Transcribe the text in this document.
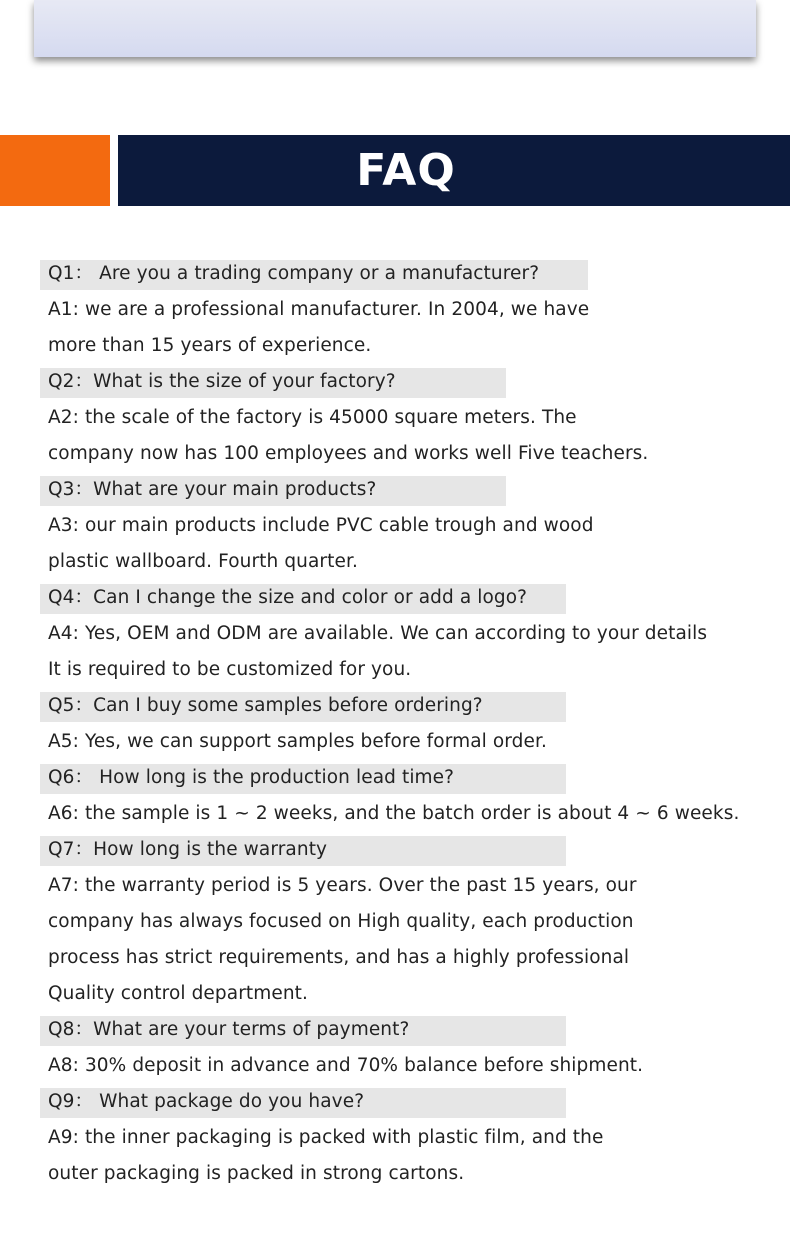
FAQ
Q1： Are you a trading company or a manufacturer?
A1: we are a professional manufacturer. In 2004, we have
more than 15 years of experience.
Q2：What is the size of your factory?
A2: the scale of the factory is 45000 square meters. The
company now has 100 employees and works well Five teachers.
Q3：What are your main products?
A3: our main products include PVC cable trough and wood
plastic wallboard. Fourth quarter.
Q4：Can I change the size and color or add a logo?
A4: Yes, OEM and ODM are available. We can according to your details
It is required to be customized for you.
Q5：Can I buy some samples before ordering?
A5: Yes, we can support samples before formal order.
Q6： How long is the production lead time?
A6: the sample is 1 ~ 2 weeks, and the batch order is about 4 ~ 6 weeks.
Q7：How long is the warranty
A7: the warranty period is 5 years. Over the past 15 years, our
company has always focused on High quality, each production
process has strict requirements, and has a highly professional
Quality control department.
Q8：What are your terms of payment?
A8: 30% deposit in advance and 70% balance before shipment.
Q9： What package do you have?
A9: the inner packaging is packed with plastic film, and the
outer packaging is packed in strong cartons.
